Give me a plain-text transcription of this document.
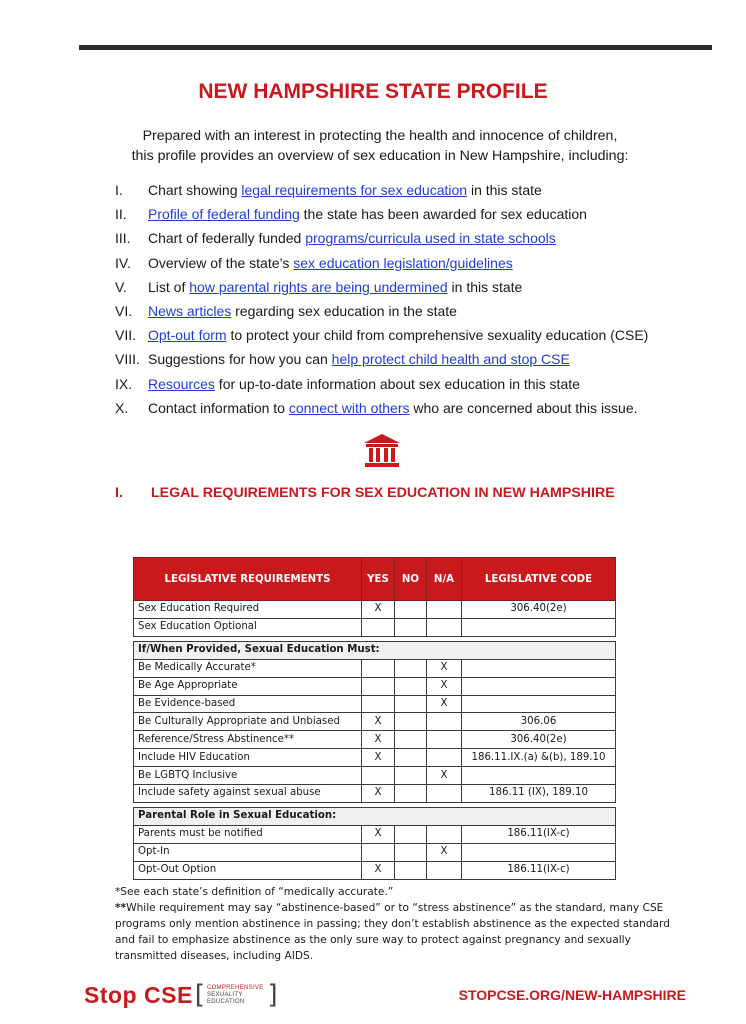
NEW HAMPSHIRE STATE PROFILE
Prepared with an interest in protecting the health and innocence of children,
this profile provides an overview of sex education in New Hampshire, including:
I. Chart showing legal requirements for sex education in this state
II. Profile of federal funding the state has been awarded for sex education
III. Chart of federally funded programs/curricula used in state schools
IV. Overview of the state’s sex education legislation/guidelines
V. List of how parental rights are being undermined in this state
VI. News articles regarding sex education in the state
VII. Opt-out form to protect your child from comprehensive sexuality education (CSE)
VIII. Suggestions for how you can help protect child health and stop CSE
IX. Resources for up-to-date information about sex education in this state
X. Contact information to connect with others who are concerned about this issue.
I. LEGAL REQUIREMENTS FOR SEX EDUCATION IN NEW HAMPSHIRE
LEGISLATIVE REQUIREMENTS	YES	NO	N/A	LEGISLATIVE CODE
Sex Education Required	X			306.40(2e)
Sex Education Optional				

If/When Provided, Sexual Education Must:				
Be Medically Accurate*			X	
Be Age Appropriate			X	
Be Evidence-based			X	
Be Culturally Appropriate and Unbiased	X			306.06
Reference/Stress Abstinence**	X			306.40(2e)
Include HIV Education	X			186.11.IX.(a) &(b), 189.10
Be LGBTQ Inclusive			X	
Include safety against sexual abuse	X			186.11 (IX), 189.10

Parental Role in Sexual Education:				
Parents must be notified	X			186.11(IX-c)
Opt-In			X	
Opt-Out Option	X			186.11(IX-c)

*See each state’s definition of “medically accurate.”

**While requirement may say “abstinence-based” or to “stress abstinence” as the standard, many CSE programs only mention abstinence in passing; they don’t establish abstinence as the expected standard and fail to emphasize abstinence as the only sure way to protect against pregnancy and sexually transmitted diseases, including AIDS.

Stop CSE [ COMPREHENSIVE
SEXUALITY
EDUCATION ]	STOPCSE.ORG/NEW-HAMPSHIRE
